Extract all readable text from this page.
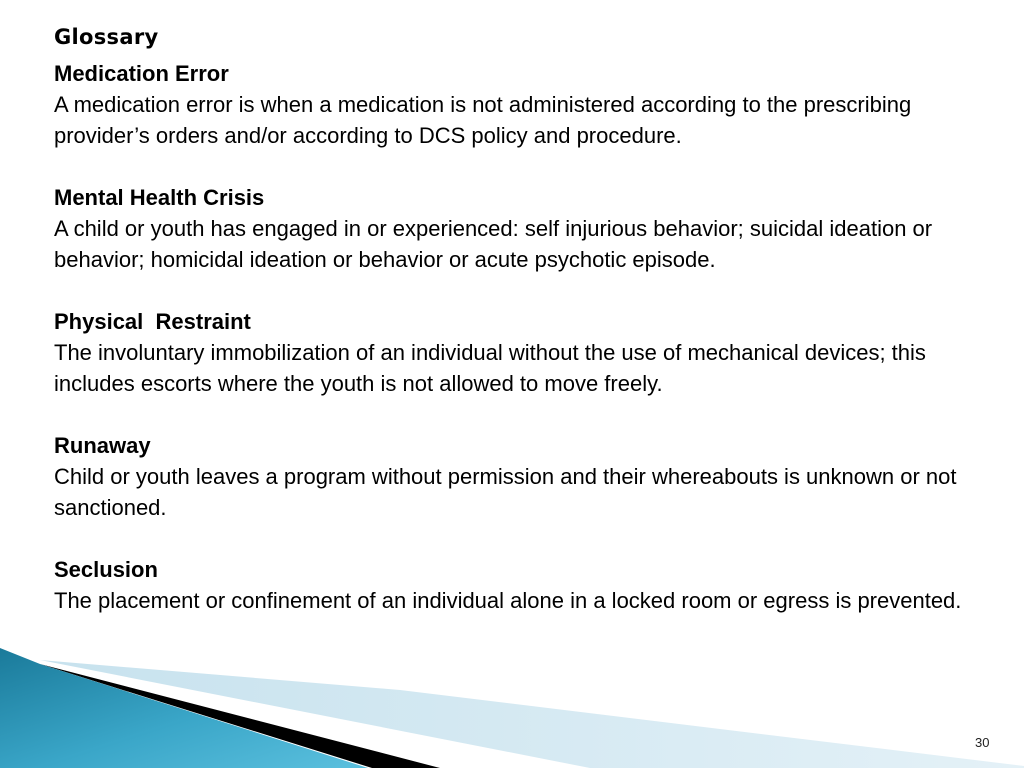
Glossary
Medication Error
A medication error is when a medication is not administered according to the prescribing provider’s orders and/or according to DCS policy and procedure.
Mental Health Crisis
A child or youth has engaged in or experienced: self injurious behavior; suicidal ideation or behavior; homicidal ideation or behavior or acute psychotic episode.
Physical  Restraint
The involuntary immobilization of an individual without the use of mechanical devices; this includes escorts where the youth is not allowed to move freely.
Runaway
Child or youth leaves a program without permission and their whereabouts is unknown or not sanctioned.
Seclusion
The placement or confinement of an individual alone in a locked room or egress is prevented.
30
